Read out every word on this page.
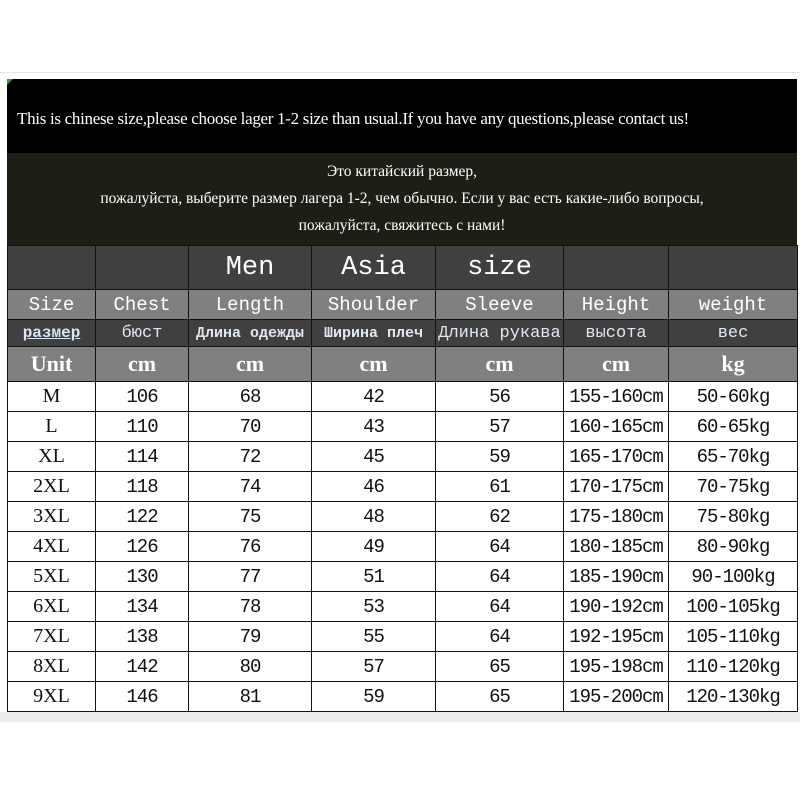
This is chinese size,please choose lager 1-2 size than usual.If you have any questions,please contact us!
Это китайский размер,
пожалуйста, выберите размер лагера 1-2, чем обычно. Если у вас есть какие-либо вопросы,
пожалуйста, свяжитесь с нами!
		Men	Asia	size		
Size	Chest	Length	Shoulder	Sleeve	Height	weight
размер	бюст	Длина одежды	Ширина плеч	Длина рукава	высота	вес
Unit	cm	cm	cm	cm	cm	kg
M	106	68	42	56	155-160cm	50-60kg
L	110	70	43	57	160-165cm	60-65kg
XL	114	72	45	59	165-170cm	65-70kg
2XL	118	74	46	61	170-175cm	70-75kg
3XL	122	75	48	62	175-180cm	75-80kg
4XL	126	76	49	64	180-185cm	80-90kg
5XL	130	77	51	64	185-190cm	90-100kg
6XL	134	78	53	64	190-192cm	100-105kg
7XL	138	79	55	64	192-195cm	105-110kg
8XL	142	80	57	65	195-198cm	110-120kg
9XL	146	81	59	65	195-200cm	120-130kg
